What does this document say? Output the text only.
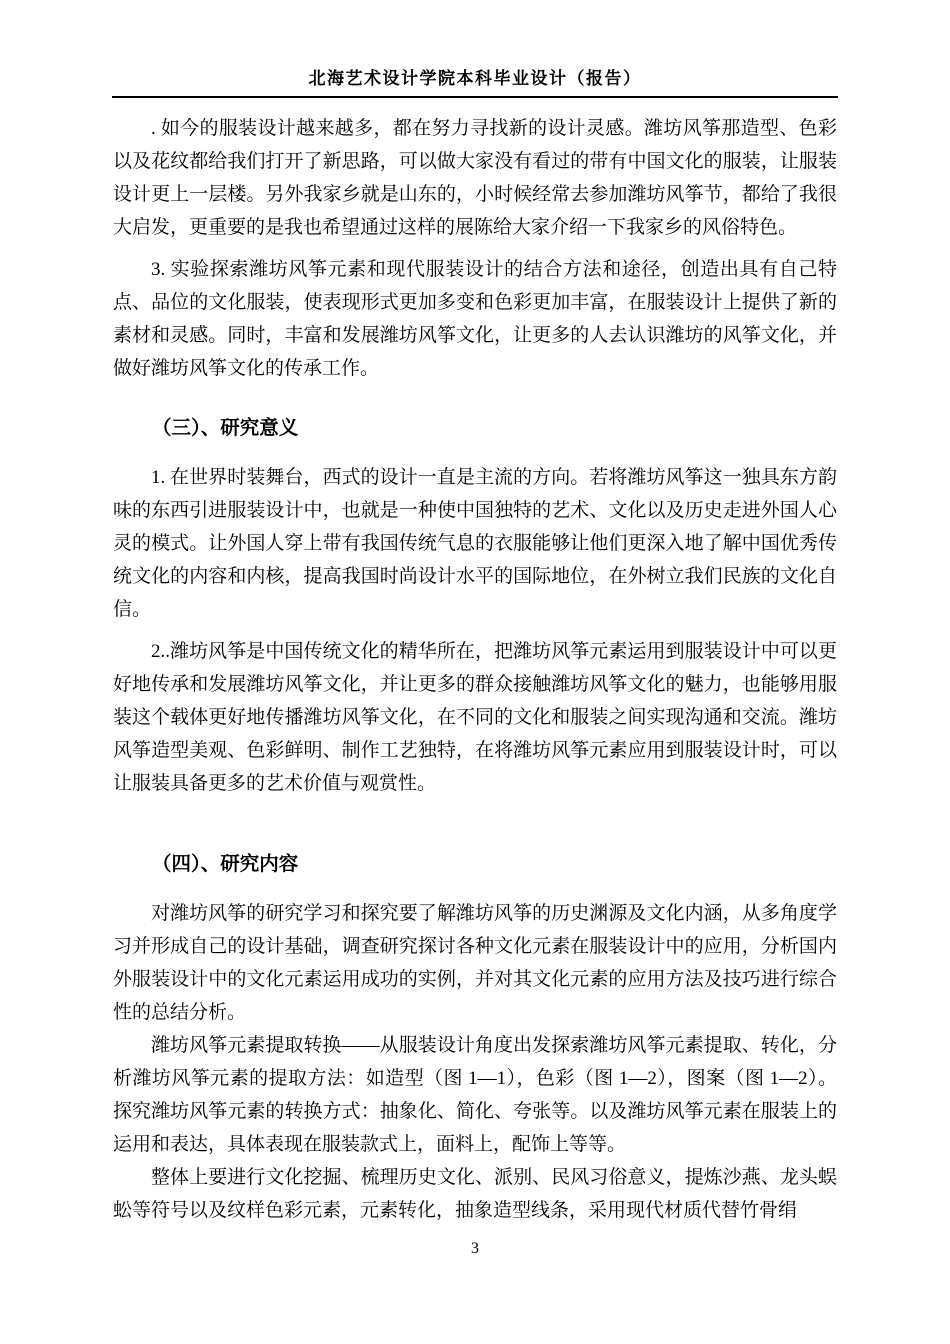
北海艺术设计学院本科毕业设计（报告）

. 如今的服装设计越来越多，都在努力寻找新的设计灵感。潍坊风筝那造型、色彩以及花纹都给我们打开了新思路，可以做大家没有看过的带有中国文化的服装，让服装设计更上一层楼。另外我家乡就是山东的，小时候经常去参加潍坊风筝节，都给了我很大启发，更重要的是我也希望通过这样的展陈给大家介绍一下我家乡的风俗特色。

3. 实验探索潍坊风筝元素和现代服装设计的结合方法和途径，创造出具有自己特点、品位的文化服装，使表现形式更加多变和色彩更加丰富，在服装设计上提供了新的素材和灵感。同时，丰富和发展潍坊风筝文化，让更多的人去认识潍坊的风筝文化，并做好潍坊风筝文化的传承工作。

（三）、研究意义

1. 在世界时装舞台，西式的设计一直是主流的方向。若将潍坊风筝这一独具东方韵味的东西引进服装设计中，也就是一种使中国独特的艺术、文化以及历史走进外国人心灵的模式。让外国人穿上带有我国传统气息的衣服能够让他们更深入地了解中国优秀传统文化的内容和内核，提高我国时尚设计水平的国际地位，在外树立我们民族的文化自信。

2..潍坊风筝是中国传统文化的精华所在，把潍坊风筝元素运用到服装设计中可以更好地传承和发展潍坊风筝文化，并让更多的群众接触潍坊风筝文化的魅力，也能够用服装这个载体更好地传播潍坊风筝文化，在不同的文化和服装之间实现沟通和交流。潍坊风筝造型美观、色彩鲜明、制作工艺独特，在将潍坊风筝元素应用到服装设计时，可以让服装具备更多的艺术价值与观赏性。

（四）、研究内容

对潍坊风筝的研究学习和探究要了解潍坊风筝的历史渊源及文化内涵，从多角度学习并形成自己的设计基础，调查研究探讨各种文化元素在服装设计中的应用，分析国内外服装设计中的文化元素运用成功的实例，并对其文化元素的应用方法及技巧进行综合性的总结分析。

潍坊风筝元素提取转换——从服装设计角度出发探索潍坊风筝元素提取、转化，分析潍坊风筝元素的提取方法：如造型（图 1—1），色彩（图 1—2），图案（图 1—2）。探究潍坊风筝元素的转换方式：抽象化、简化、夸张等。以及潍坊风筝元素在服装上的运用和表达，具体表现在服装款式上，面料上，配饰上等等。

整体上要进行文化挖掘、梳理历史文化、派别、民风习俗意义，提炼沙燕、龙头蜈蚣等符号以及纹样色彩元素，元素转化，抽象造型线条，采用现代材质代替竹骨绢

3
